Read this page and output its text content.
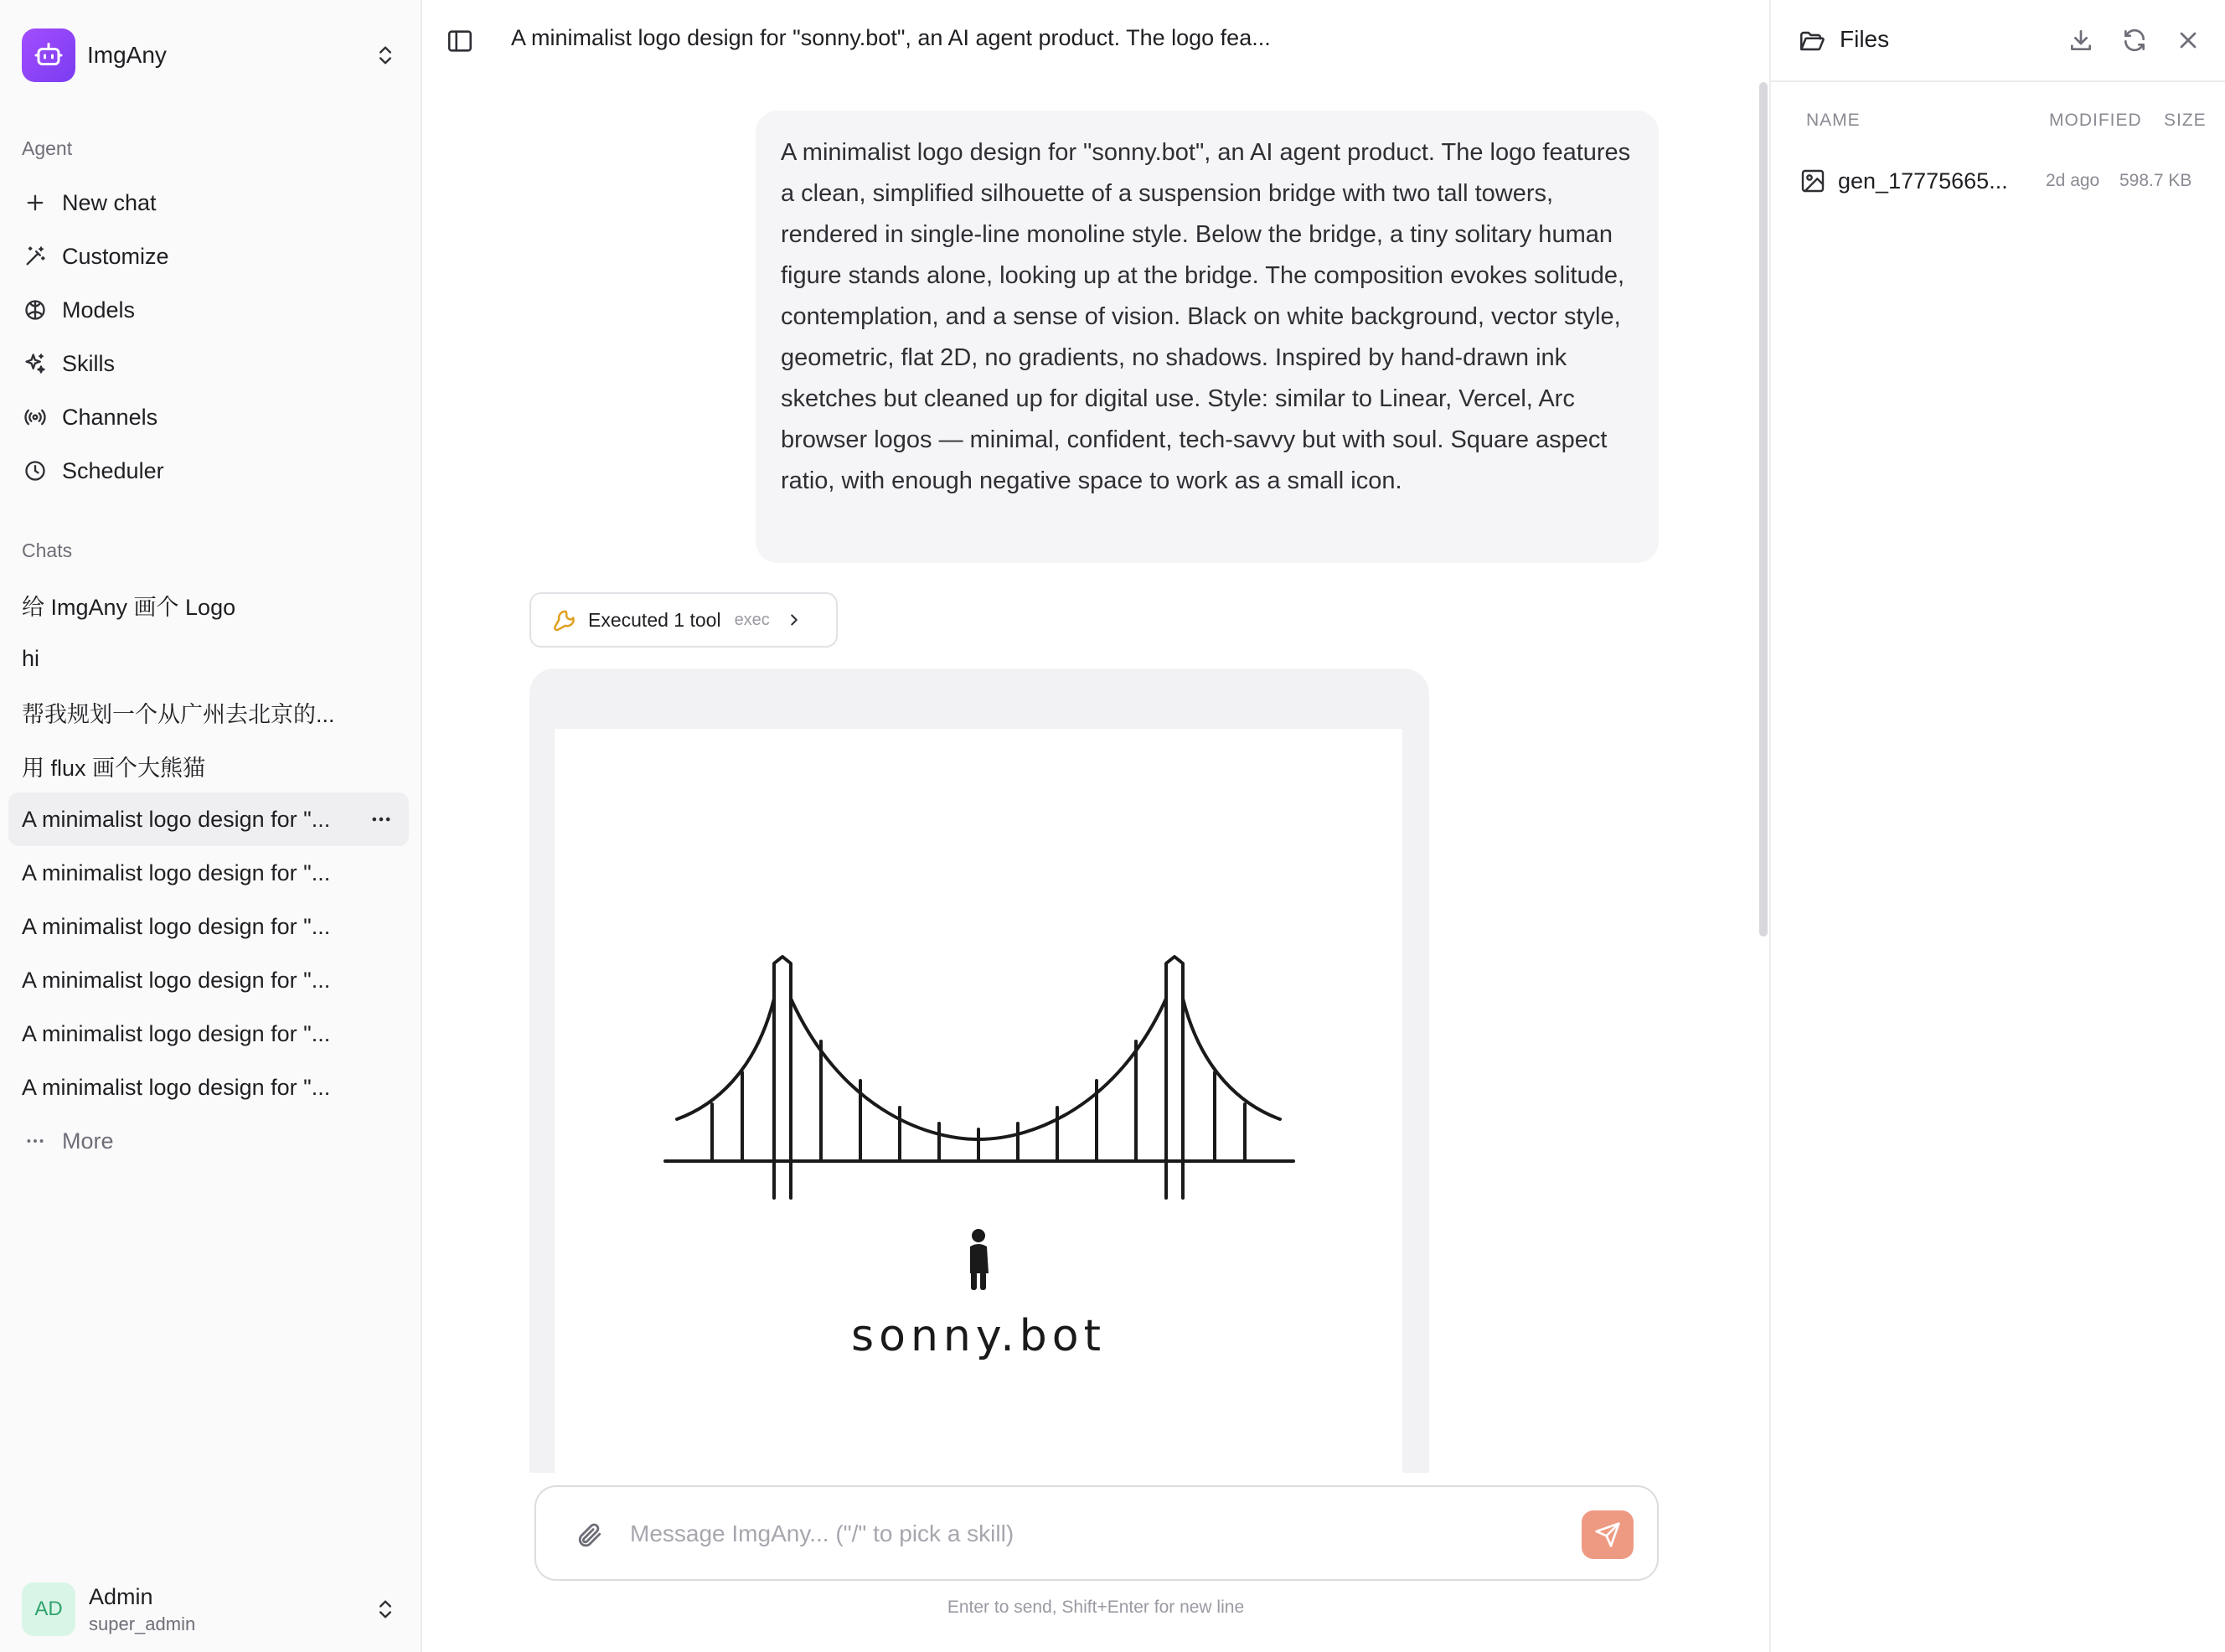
ImgAny
Agent
New chat
Customize
Models
Skills
Channels
Scheduler
Chats
给 ImgAny 画个 Logo
hi
帮我规划一个从广州去北京的...
用 flux 画个大熊猫
A minimalist logo design for "...
A minimalist logo design for "...
A minimalist logo design for "...
A minimalist logo design for "...
A minimalist logo design for "...
A minimalist logo design for "...
More
AD	Admin
super_admin
A minimalist logo design for "sonny.bot", an AI agent product. The logo fea...
A minimalist logo design for "sonny.bot", an AI agent product. The logo features a clean, simplified silhouette of a suspension bridge with two tall towers, rendered in single-line monoline style. Below the bridge, a tiny solitary human figure stands alone, looking up at the bridge. The composition evokes solitude, contemplation, and a sense of vision. Black on white background, vector style, geometric, flat 2D, no gradients, no shadows. Inspired by hand-drawn ink sketches but cleaned up for digital use. Style: similar to Linear, Vercel, Arc browser logos — minimal, confident, tech-savvy but with soul. Square aspect ratio, with enough negative space to work as a small icon.
Executed 1 tool exec
sonny.bot
Message ImgAny... ("/" to pick a skill)
Enter to send, Shift+Enter for new line
Files
NAME	MODIFIED SIZE
gen_17775665...	2d ago	598.7 KB
